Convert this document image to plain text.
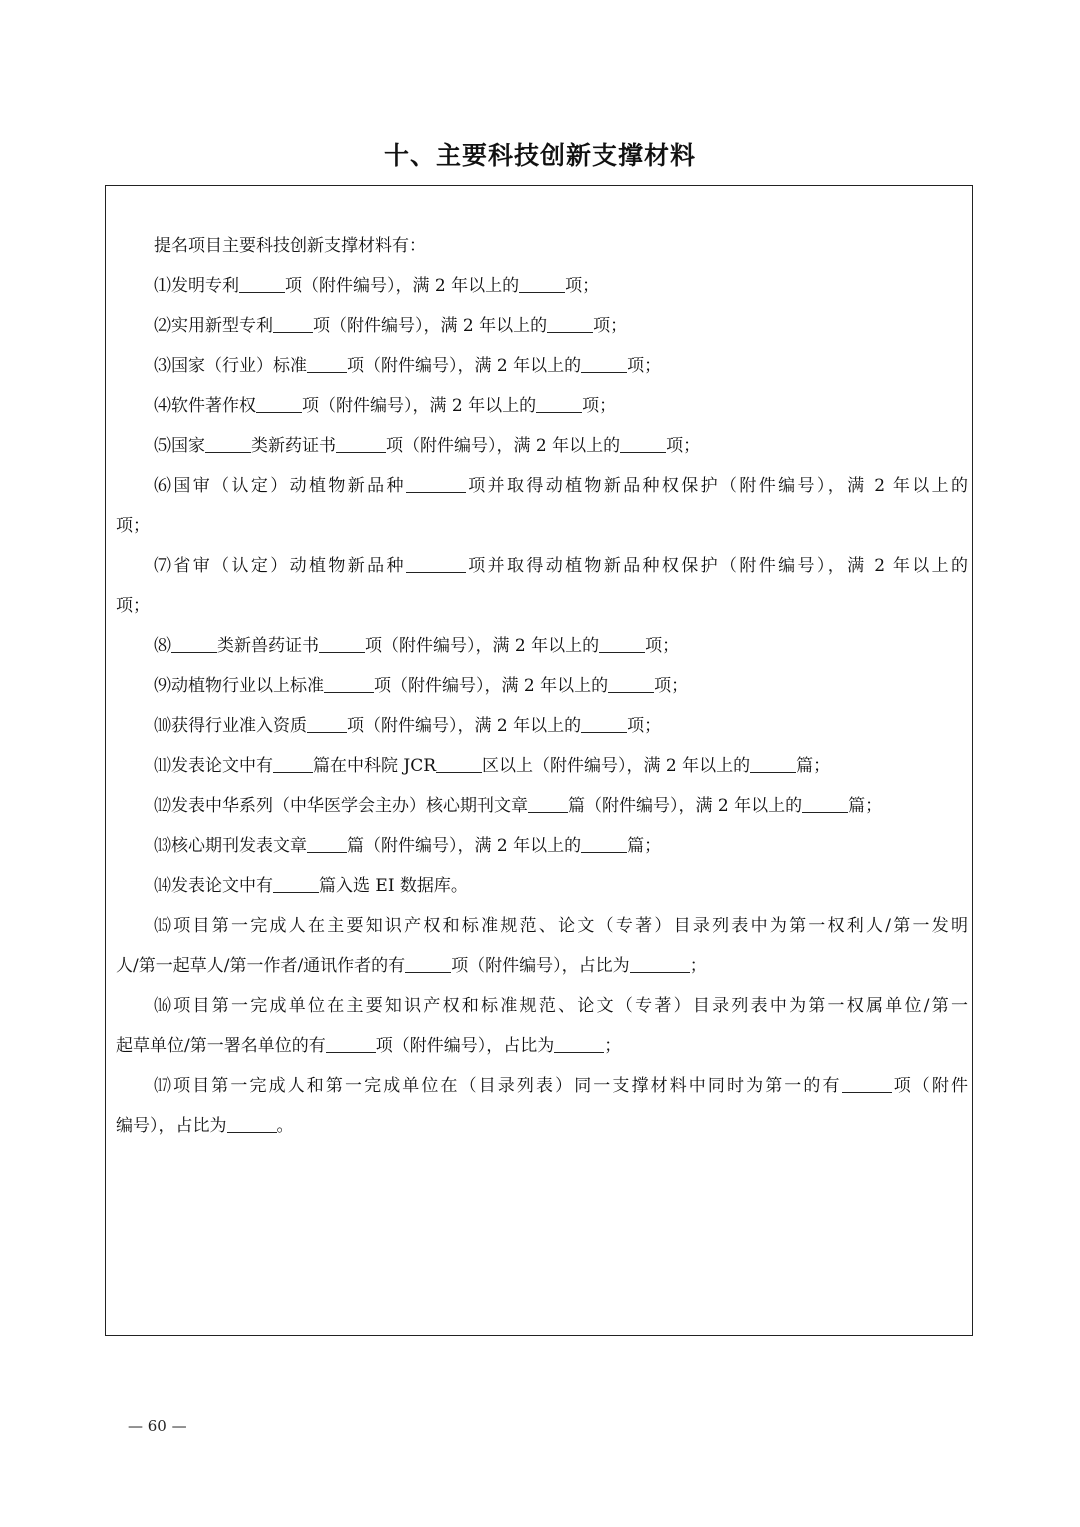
十、主要科技创新支撑材料
提名项目主要科技创新支撑材料有：
⑴发明专利	项（附件编号），满 2 年以上的	项；
⑵实用新型专利 项（附件编号），满 2 年以上的	项；
⑶国家（行业）标准 项（附件编号），满 2 年以上的	项；
⑷软件著作权	项（附件编号），满 2 年以上的	项；
⑸国家	类新药证书	项（附件编号），满 2 年以上的	项；
⑹国审（认定）动植物新品种	项并取得动植物新品种权保护（附件编号），满 2 年以上的
项；
⑺省审（认定）动植物新品种	项并取得动植物新品种权保护（附件编号），满 2 年以上的
项；
⑻	类新兽药证书	项（附件编号），满 2 年以上的	项；
⑼动植物行业以上标准	项（附件编号），满 2 年以上的	项；
⑽获得行业准入资质 项（附件编号），满 2 年以上的	项；
⑾发表论文中有 篇在中科院 JCR	区以上（附件编号），满 2 年以上的	篇；
⑿发表中华系列（中华医学会主办）核心期刊文章 篇（附件编号），满 2 年以上的	篇；
⒀核心期刊发表文章 篇（附件编号），满 2 年以上的	篇；
⒁发表论文中有	篇入选 EI 数据库。
⒂项目第一完成人在主要知识产权和标准规范、论文（专著）目录列表中为第一权利人/第一发明
人/第一起草人/第一作者/通讯作者的有	项（附件编号），占比为	；
⒃项目第一完成单位在主要知识产权和标准规范、论文（专著）目录列表中为第一权属单位/第一
起草单位/第一署名单位的有	项（附件编号），占比为	；
⒄项目第一完成人和第一完成单位在（目录列表）同一支撑材料中同时为第一的有	项（附件
编号），占比为	。
— 60 —
